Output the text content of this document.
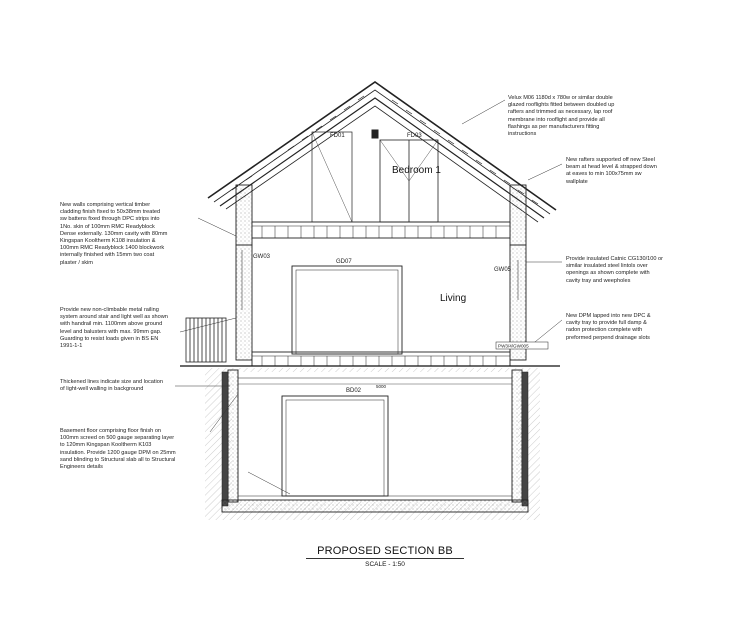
FD01	FD03
GW03
GD07
GW05
BD02
5000
PW3/4/GW005
Bedroom 1
Living
Velux M06 1180d x 780w or similar double
glazed rooflights fitted between doubled up
rafters and trimmed as necessary, lap roof
membrane into rooflight and provide all
flashings as per manufacturers fitting
instructions
New rafters supported off new Steel
beam at head level & strapped down
at eaves to min 100x75mm sw
wallplate
New walls comprising vertical timber
cladding finish fixed to 50x38mm treated
sw battens fixed through DPC strips into
1No. skin of 100mm RMC Readyblock
Dense externally. 130mm cavity with 80mm
Kingspan Kooltherm K108 insulation &
100mm RMC Readyblock 1400 blockwork
internally finished with 15mm two coat
plaster / skim
Provide insulated Catnic CG130/100 or
similar insulated steel lintols over
openings as shown complete with
cavity tray and weepholes
Provide new non-climbable metal railing
system around stair and light well as shown
with handrail min. 1100mm above ground
level and balusters with max. 99mm gap.
Guarding to resist loads given in BS EN
1991-1-1
New DPM lapped into new DPC &
cavity tray to provide full damp &
radon protection complete with
preformed perpend drainage slots
Thickened lines indicate size and location
of light-well walling in background
Basement floor comprising floor finish on
100mm screed on 500 gauge separating layer
to 120mm Kingspan Kooltherm K103
insulation. Provide 1200 gauge DPM on 25mm
sand blinding to Structural slab all to Structural
Engineers details
PROPOSED SECTION BB
SCALE - 1:50
